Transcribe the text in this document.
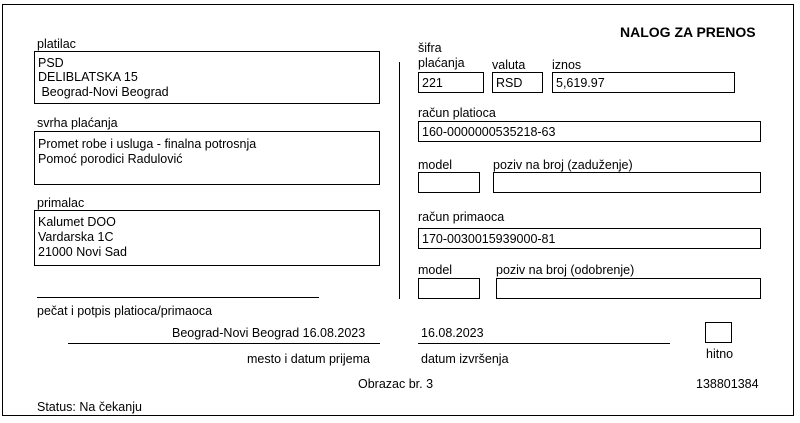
NALOG ZA PRENOS
platilac
PSD
DELIBLATSKA 15
Beograd-Novi Beograd
svrha plaćanja
Promet robe i usluga - finalna potrosnja
Pomoć porodici Radulović
primalac
Kalumet DOO
Vardarska 1C
21000 Novi Sad
pečat i potpis platioca/primaoca
Beograd-Novi Beograd 16.08.2023
mesto i datum prijema
šifra
plaćanja
221
valuta
RSD
iznos
5,619.97
račun platioca
160-0000000535218-63
model	poziv na broj (zaduženje)
račun primaoca
170-0030015939000-81
model	poziv na broj (odobrenje)
16.08.2023
datum izvršenja	hitno
Obrazac br. 3	138801384
Status: Na čekanju
